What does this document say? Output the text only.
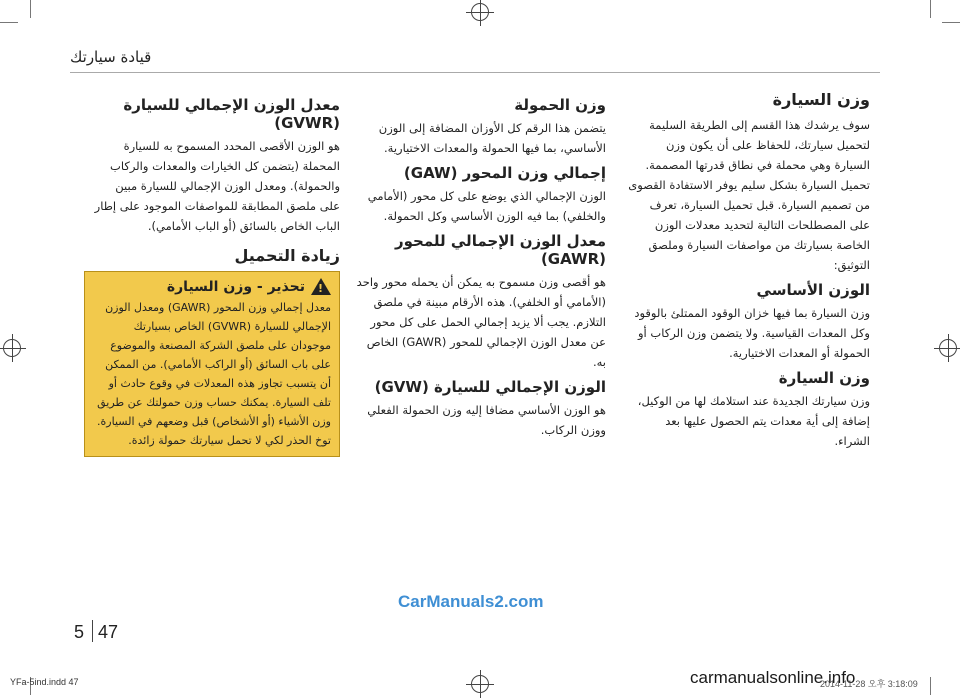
قيادة سيارتك
وزن السيارة

سوف يرشدك هذا القسم إلى الطريقة السليمة لتحميل سيارتك، للحفاظ على أن يكون وزن السيارة وهي محملة في نطاق قدرتها المصممة. تحميل السيارة بشكل سليم يوفر الاستفادة القصوى من تصميم السيارة. قبل تحميل السيارة، تعرف على المصطلحات التالية لتحديد معدلات الوزن الخاصة بسيارتك من مواصفات السيارة وملصق التوثيق:

الوزن الأساسي

وزن السيارة بما فيها خزان الوقود الممتلئ بالوقود وكل المعدات القياسية. ولا يتضمن وزن الركاب أو الحمولة أو المعدات الاختيارية.

وزن السيارة

وزن سيارتك الجديدة عند استلامك لها من الوكيل، إضافة إلى أية معدات يتم الحصول عليها بعد الشراء.

وزن الحمولة

يتضمن هذا الرقم كل الأوزان المضافة إلى الوزن الأساسي، بما فيها الحمولة والمعدات الاختيارية.

إجمالي وزن المحور (GAW)

الوزن الإجمالي الذي يوضع على كل محور (الأمامي والخلفي) بما فيه الوزن الأساسي وكل الحمولة.

معدل الوزن الإجمالي للمحور (GAWR)

هو أقصى وزن مسموح به يمكن أن يحمله محور واحد (الأمامي أو الخلفي). هذه الأرقام مبينة في ملصق التلازم. يجب ألا يزيد إجمالي الحمل على كل محور عن معدل الوزن الإجمالي للمحور (GAWR) الخاص به.

الوزن الإجمالي للسيارة (GVW)

هو الوزن الأساسي مضافا إليه وزن الحمولة الفعلي ووزن الركاب.

معدل الوزن الإجمالي للسيارة (GVWR)

هو الوزن الأقصى المحدد المسموح به للسيارة المحملة (يتضمن كل الخيارات والمعدات والركاب والحمولة). ومعدل الوزن الإجمالي للسيارة مبين على ملصق المطابقة للمواصفات الموجود على إطار الباب الخاص بالسائق (أو الباب الأمامي).

زيادة التحميل
!
تحذير - وزن السيارة

معدل إجمالي وزن المحور (GAWR) ومعدل الوزن الإجمالي للسيارة (GVWR) الخاص بسيارتك موجودان على ملصق الشركة المصنعة والموضوع على باب السائق (أو الراكب الأمامي). من الممكن أن يتسبب تجاوز هذه المعدلات في وقوع حادث أو تلف السيارة. يمكنك حساب وزن حمولتك عن طريق وزن الأشياء (أو الأشخاص) قبل وضعهم في السيارة. توخ الحذر لكي لا تحمل سيارتك حمولة زائدة.

CarManuals2.com
5 47
YFa-5ind.indd 47	carmanualsonline.info
2014-11-28 오후 3:18:09
